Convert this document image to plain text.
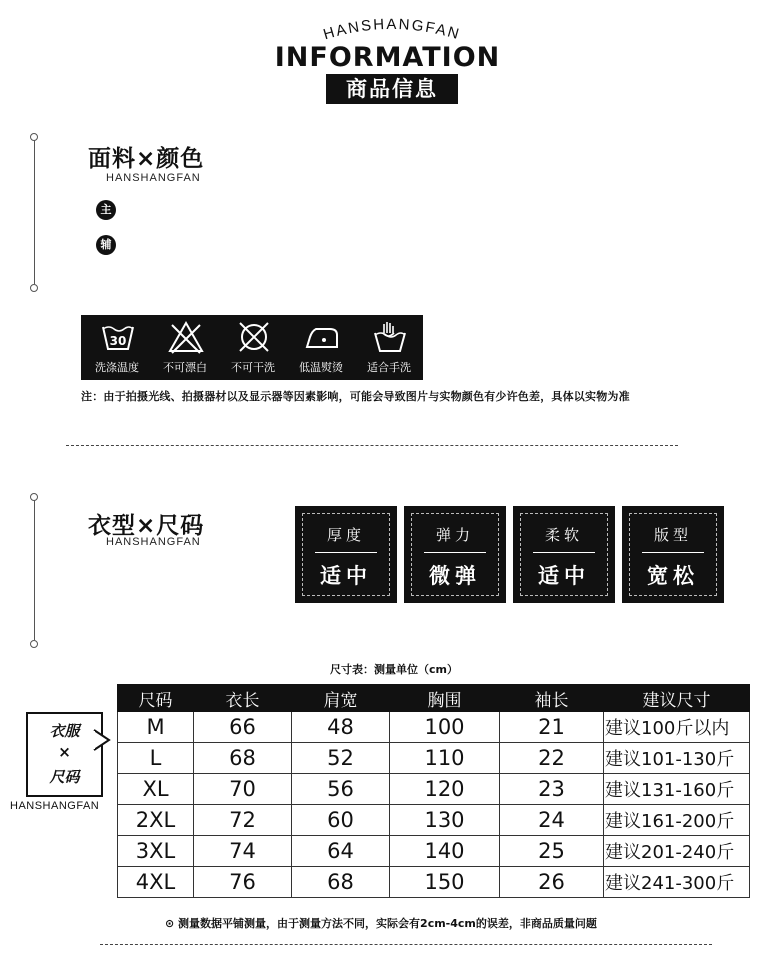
HANSHANGFAN
INFORMATION
商品信息
面料×颜色
HANSHANGFAN
主
辅
30
洗涤温度	不可漂白	不可干洗	低温熨烫	适合手洗
注：由于拍摄光线、拍摄器材以及显示器等因素影响，可能会导致图片与实物颜色有少许色差，具体以实物为准
衣型×尺码
HANSHANGFAN	厚度
适中
弹力
微弹
柔软
适中
版型
宽松
尺寸表：测量单位（cm）
衣服
×
尺码
HANSHANGFAN
尺码	衣长	肩宽	胸围	袖长	建议尺寸
M	66	48	100	21	建议100斤以内
L	68	52	110	22	建议101-130斤
XL	70	56	120	23	建议131-160斤
2XL	72	60	130	24	建议161-200斤
3XL	74	64	140	25	建议201-240斤
4XL	76	68	150	26	建议241-300斤
⊙ 测量数据平铺测量，由于测量方法不同，实际会有2cm-4cm的误差，非商品质量问题
